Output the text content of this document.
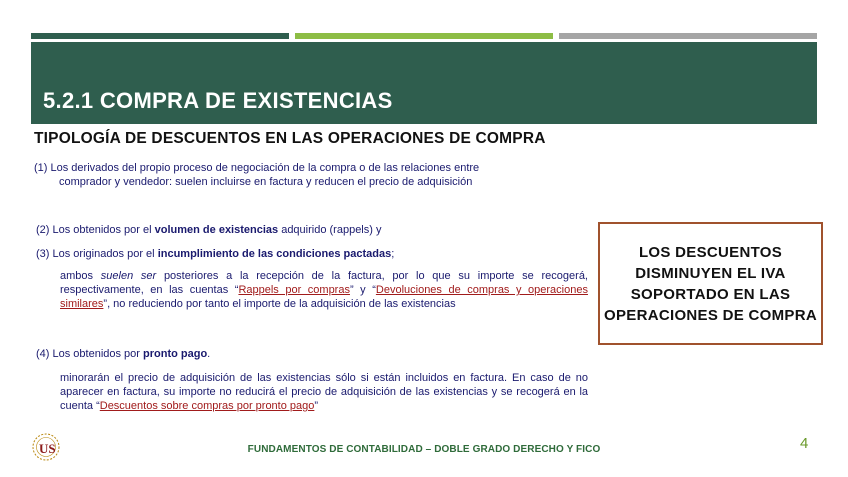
5.2.1 COMPRA DE EXISTENCIAS
TIPOLOGÍA DE DESCUENTOS EN LAS OPERACIONES DE COMPRA
(1) Los derivados del propio proceso de negociación de la compra o de las relaciones entre
comprador y vendedor: suelen incluirse en factura y reducen el precio de adquisición
(2) Los obtenidos por el volumen de existencias adquirido (rappels) y
(3) Los originados por el incumplimiento de las condiciones pactadas;
ambos suelen ser posteriores a la recepción de la factura, por lo que su importe se recogerá, respectivamente, en las cuentas “Rappels por compras” y “Devoluciones de compras y operaciones similares”, no reduciendo por tanto el importe de la adquisición de las existencias
(4) Los obtenidos por pronto pago.
minorarán el precio de adquisición de las existencias sólo si están incluidos en factura. En caso de no aparecer en factura, su importe no reducirá el precio de adquisición de las existencias y se recogerá en la cuenta “Descuentos sobre compras por pronto pago”
LOS DESCUENTOS DISMINUYEN EL IVA SOPORTADO EN LAS OPERACIONES DE COMPRA
US	FUNDAMENTOS DE CONTABILIDAD – DOBLE GRADO DERECHO Y FICO	4
